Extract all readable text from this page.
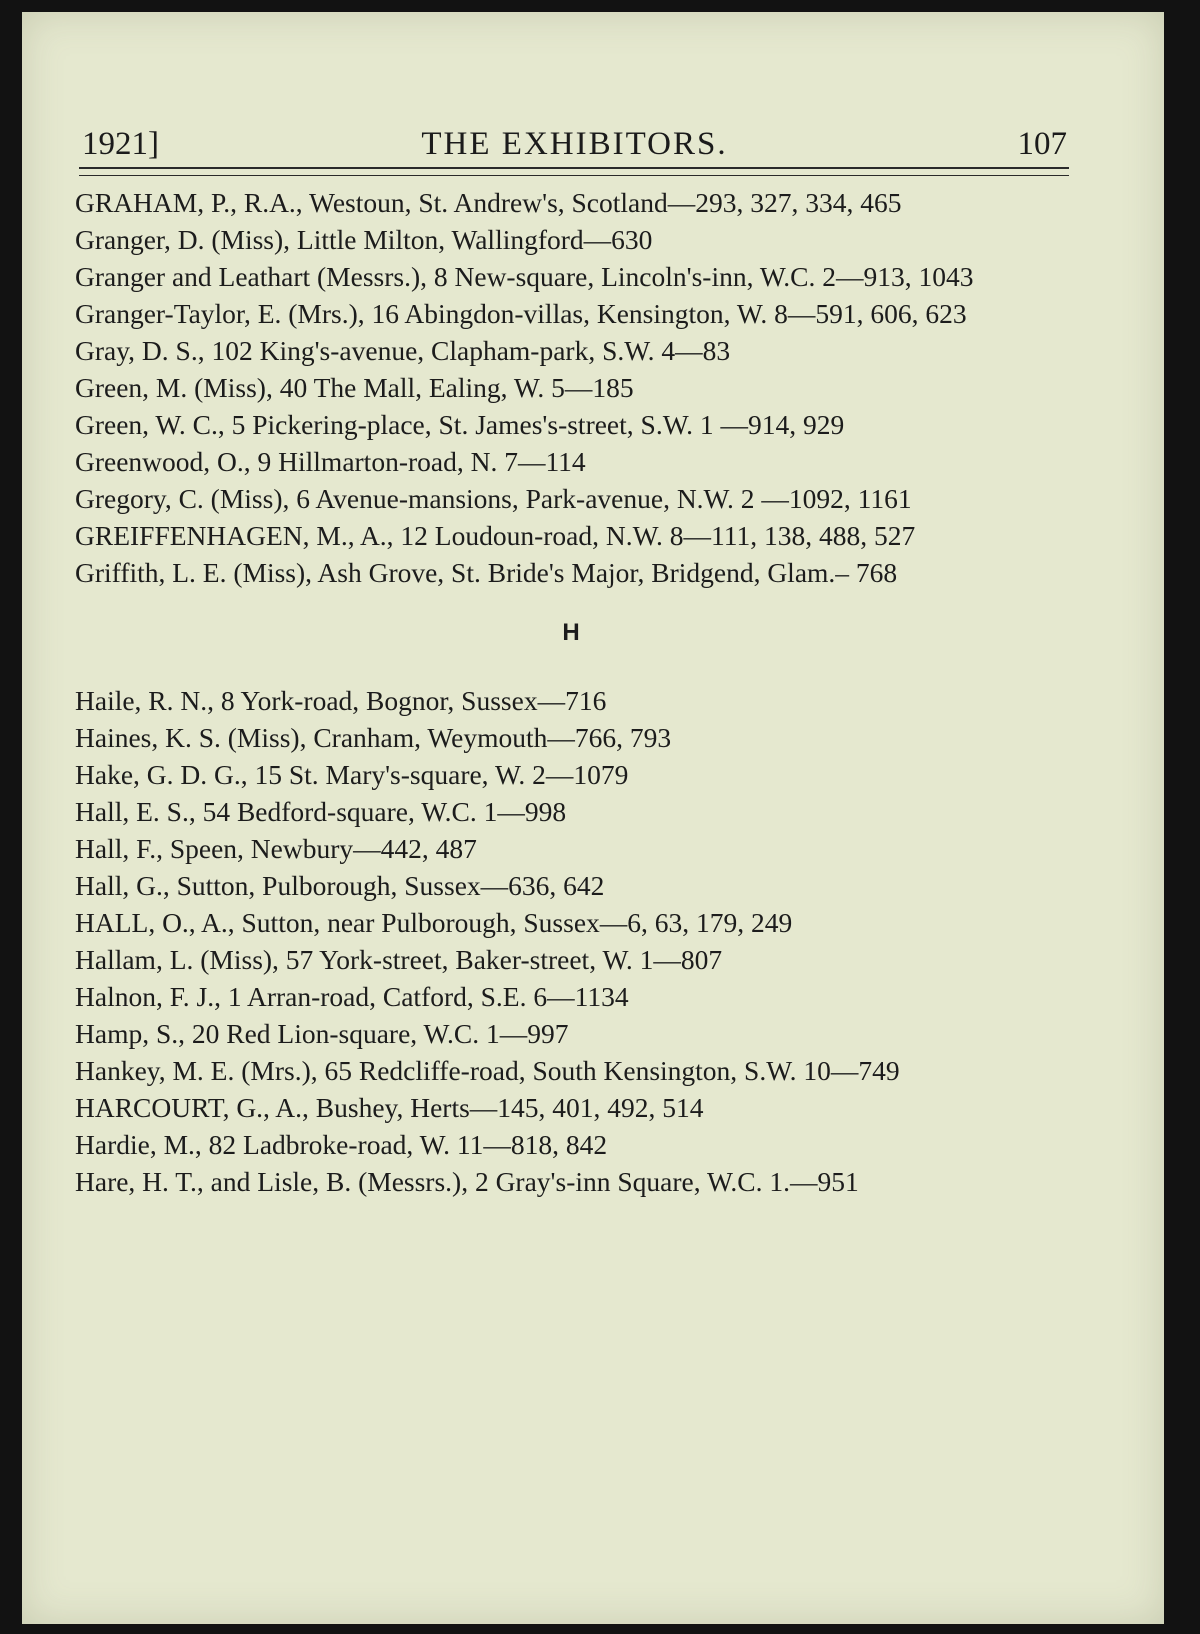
1921]	THE EXHIBITORS.	107
GRAHAM, P., R.A., Westoun, St. Andrew's, Scotland—293, 327, 334, 465
Granger, D. (Miss), Little Milton, Wallingford—630
Granger and Leathart (Messrs.), 8 New-square, Lincoln's-inn, W.C. 2—913, 1043
Granger-Taylor, E. (Mrs.), 16 Abingdon-villas, Kensington, W. 8—591, 606, 623
Gray, D. S., 102 King's-avenue, Clapham-park, S.W. 4—83
Green, M. (Miss), 40 The Mall, Ealing, W. 5—185
Green, W. C., 5 Pickering-place, St. James's-street, S.W. 1 —914, 929
Greenwood, O., 9 Hillmarton-road, N. 7—114
Gregory, C. (Miss), 6 Avenue-mansions, Park-avenue, N.W. 2 —1092, 1161
GREIFFENHAGEN, M., A., 12 Loudoun-road, N.W. 8—111, 138, 488, 527
Griffith, L. E. (Miss), Ash Grove, St. Bride's Major, Bridgend, Glam.– 768
H
Haile, R. N., 8 York-road, Bognor, Sussex—716
Haines, K. S. (Miss), Cranham, Weymouth—766, 793
Hake, G. D. G., 15 St. Mary's-square, W. 2—1079
Hall, E. S., 54 Bedford-square, W.C. 1—998
Hall, F., Speen, Newbury—442, 487
Hall, G., Sutton, Pulborough, Sussex—636, 642
HALL, O., A., Sutton, near Pulborough, Sussex—6, 63, 179, 249
Hallam, L. (Miss), 57 York-street, Baker-street, W. 1—807
Halnon, F. J., 1 Arran-road, Catford, S.E. 6—1134
Hamp, S., 20 Red Lion-square, W.C. 1—997
Hankey, M. E. (Mrs.), 65 Redcliffe-road, South Kensington, S.W. 10—749
HARCOURT, G., A., Bushey, Herts—145, 401, 492, 514
Hardie, M., 82 Ladbroke-road, W. 11—818, 842
Hare, H. T., and Lisle, B. (Messrs.), 2 Gray's-inn Square, W.C. 1.—951
